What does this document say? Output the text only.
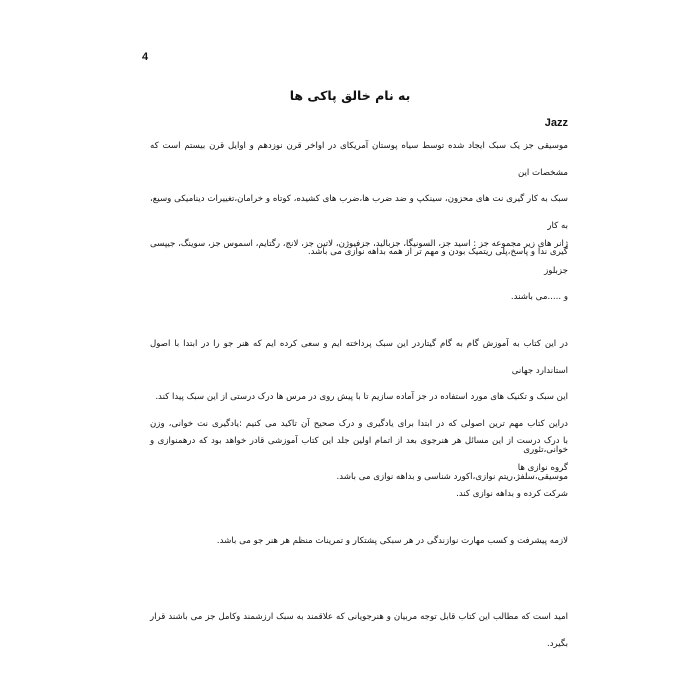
4
به نام خالق پاکی ها
Jazz
موسیقی جز یک سبک ایجاد شده توسط سیاه پوستان آمریکای در اواخر قرن نوزدهم و اوایل قرن بیستم است که مشخصات این
سبک به کار گیری نت های محزون، سینکپ و ضد ضرب ها،ضرب های کشیده، کوتاه و خرامان،تغییرات دینامیکی وسیع، به کار
گیری ندا و پاسخ،پلی ریتمیک بودن و مهم تر از همه بداهه نوازی می باشد.
ژانر های زیر مجموعه جز : اسید جز، السونیگا، جزبالید، جزفیوژن، لاتین جز، لانج، رگتایم، اسموس جز، سوینگ، جیپسی جزبلوز
و .....می باشند.
در این کتاب به آموزش گام به گام گیتاردر این سبک پرداخته ایم و سعی کرده ایم که هنر جو را در ابتدا با اصول استاندارد جهانی
این سبک و تکنیک های مورد استفاده در جز آماده سازیم تا با پیش روی در مرس ها درک درستی از این سبک پیدا کند.
دراین کتاب مهم ترین اصولی که در ابتدا برای یادگیری و درک صحیح آن تاکید می کنیم :یادگیری نت خوانی، وزن خوانی،تئوری
موسیقی،سلفژ،ریتم نوازی،اکورد شناسی و بداهه نوازی می باشد.
با درک درست از این مسائل هر هنرجوی بعد از اتمام اولین جلد این کتاب آموزشی قادر خواهد بود که درهمنوازی و گروه نوازی ها
شرکت کرده و بداهه نوازی کند.
لازمه پیشرفت و کسب مهارت نوازندگی در هر سبکی پشتکار و تمرینات منظم هر هنر جو می باشد.
امید است که مطالب این کتاب قابل توجه مربیان و هنرجویانی که علاقمند به سبک ارزشمند وکامل جز می باشند قرار بگیرد.
